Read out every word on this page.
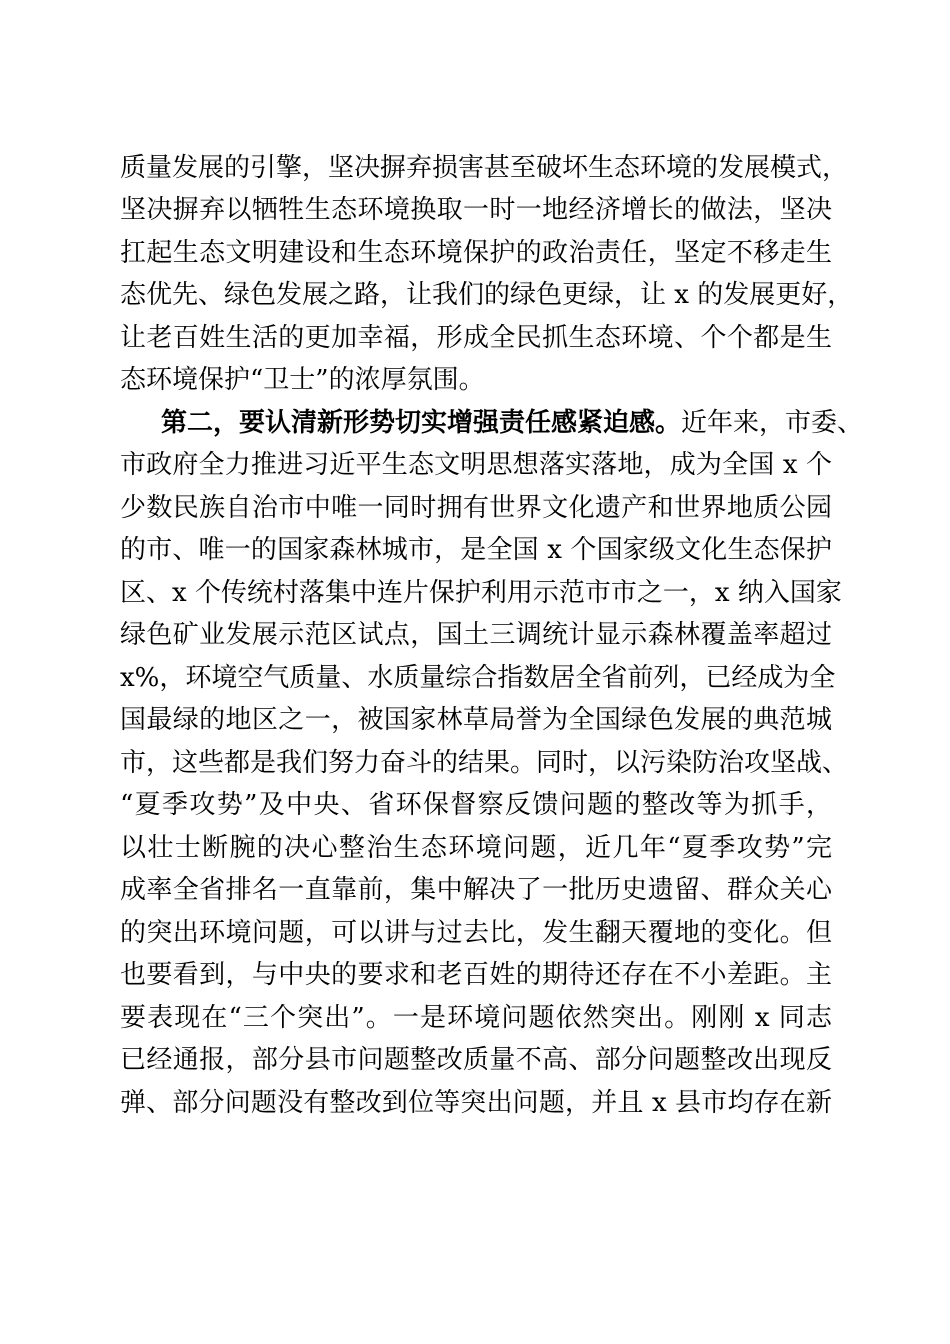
质量发展的引擎，坚决摒弃损害甚至破坏生态环境的发展模式，
坚决摒弃以牺牲生态环境换取一时一地经济增长的做法，坚决
扛起生态文明建设和生态环境保护的政治责任，坚定不移走生
态优先、绿色发展之路，让我们的绿色更绿，让 x 的发展更好，
让老百姓生活的更加幸福，形成全民抓生态环境、个个都是生
态环境保护“卫士”的浓厚氛围。
第二，要认清新形势切实增强责任感紧迫感。近年来，市委、
市政府全力推进习近平生态文明思想落实落地，成为全国 x 个
少数民族自治市中唯一同时拥有世界文化遗产和世界地质公园
的市、唯一的国家森林城市，是全国 x 个国家级文化生态保护
区、x 个传统村落集中连片保护利用示范市市之一，x 纳入国家
绿色矿业发展示范区试点，国土三调统计显示森林覆盖率超过
x%，环境空气质量、水质量综合指数居全省前列，已经成为全
国最绿的地区之一，被国家林草局誉为全国绿色发展的典范城
市，这些都是我们努力奋斗的结果。同时，以污染防治攻坚战、
“夏季攻势”及中央、省环保督察反馈问题的整改等为抓手，
以壮士断腕的决心整治生态环境问题，近几年“夏季攻势”完
成率全省排名一直靠前，集中解决了一批历史遗留、群众关心
的突出环境问题，可以讲与过去比，发生翻天覆地的变化。但
也要看到，与中央的要求和老百姓的期待还存在不小差距。主
要表现在“三个突出”。一是环境问题依然突出。刚刚 x 同志
已经通报，部分县市问题整改质量不高、部分问题整改出现反
弹、部分问题没有整改到位等突出问题，并且 x 县市均存在新
